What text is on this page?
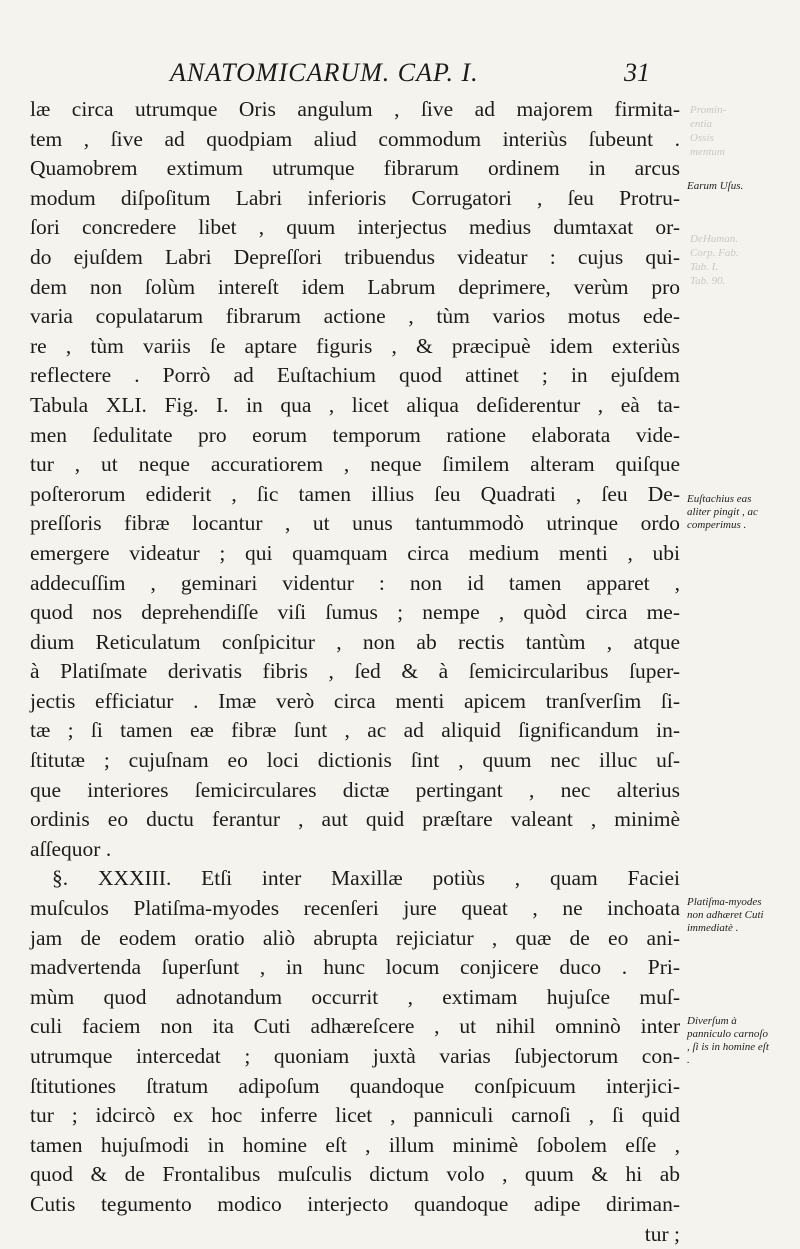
ANATOMICARUM. CAP. I.	31
Promin-
entia
Ossis
mentum
DeHuman.
Corp. Fab.
Tab. I.
Tab. 90.
læ circa utrumque Oris angulum , ſive ad majorem firmita-
tem , ſive ad quodpiam aliud commodum interiùs ſubeunt .
Quamobrem extimum utrumque fibrarum ordinem in arcus
modum diſpoſitum Labri inferioris Corrugatori , ſeu Protru-
ſori concredere libet , quum interjectus medius dumtaxat or-
do ejuſdem Labri Depreſſori tribuendus videatur : cujus qui-
dem non ſolùm intereſt idem Labrum deprimere, verùm pro
varia copulatarum fibrarum actione , tùm varios motus ede-
re , tùm variis ſe aptare figuris , & præcipuè idem exteriùs
reflectere . Porrò ad Euſtachium quod attinet ; in ejuſdem
Tabula XLI. Fig. I. in qua , licet aliqua deſiderentur , eà ta-
men ſedulitate pro eorum temporum ratione elaborata vide-
tur , ut neque accuratiorem , neque ſimilem alteram quiſque
poſterorum ediderit , ſic tamen illius ſeu Quadrati , ſeu De-
preſſoris fibræ locantur , ut unus tantummodò utrinque ordo
emergere videatur ; qui quamquam circa medium menti , ubi
addecuſſim , geminari videntur : non id tamen apparet ,
quod nos deprehendiſſe viſi ſumus ; nempe , quòd circa me-
dium Reticulatum conſpicitur , non ab rectis tantùm , atque
à Platiſmate derivatis fibris , ſed & à ſemicircularibus ſuper-
jectis efficiatur . Imæ verò circa menti apicem tranſverſim ſi-
tæ ; ſi tamen eæ fibræ ſunt , ac ad aliquid ſignificandum in-
ſtitutæ ; cujuſnam eo loci dictionis ſint , quum nec illuc uſ-
que interiores ſemicirculares dictæ pertingant , nec alterius
ordinis eo ductu ferantur , aut quid præſtare valeant , minimè
aſſequor .
§. XXXIII. Etſi inter Maxillæ potiùs , quam Faciei
muſculos Platiſma-myodes recenſeri jure queat , ne inchoata
jam de eodem oratio aliò abrupta rejiciatur , quæ de eo ani-
madvertenda ſuperſunt , in hunc locum conjicere duco . Pri-
mùm quod adnotandum occurrit , extimam hujuſce muſ-
culi faciem non ita Cuti adhæreſcere , ut nihil omninò inter
utrumque intercedat ; quoniam juxtà varias ſubjectorum con-
ſtitutiones ſtratum adipoſum quandoque conſpicuum interjici-
tur ; idcircò ex hoc inferre licet , panniculi carnoſi , ſi quid
tamen hujuſmodi in homine eſt , illum minimè ſobolem eſſe ,
quod & de Frontalibus muſculis dictum volo , quum & hi ab
Cutis tegumento modico interjecto quandoque adipe diriman-
tur ;
Earum Uſus.
Euſtachius eas aliter pingit , ac comperimus .
Platiſma-myodes non adhæret Cuti immediatè .
Diverſum à panniculo carnoſo , ſi is in homine eſt .
